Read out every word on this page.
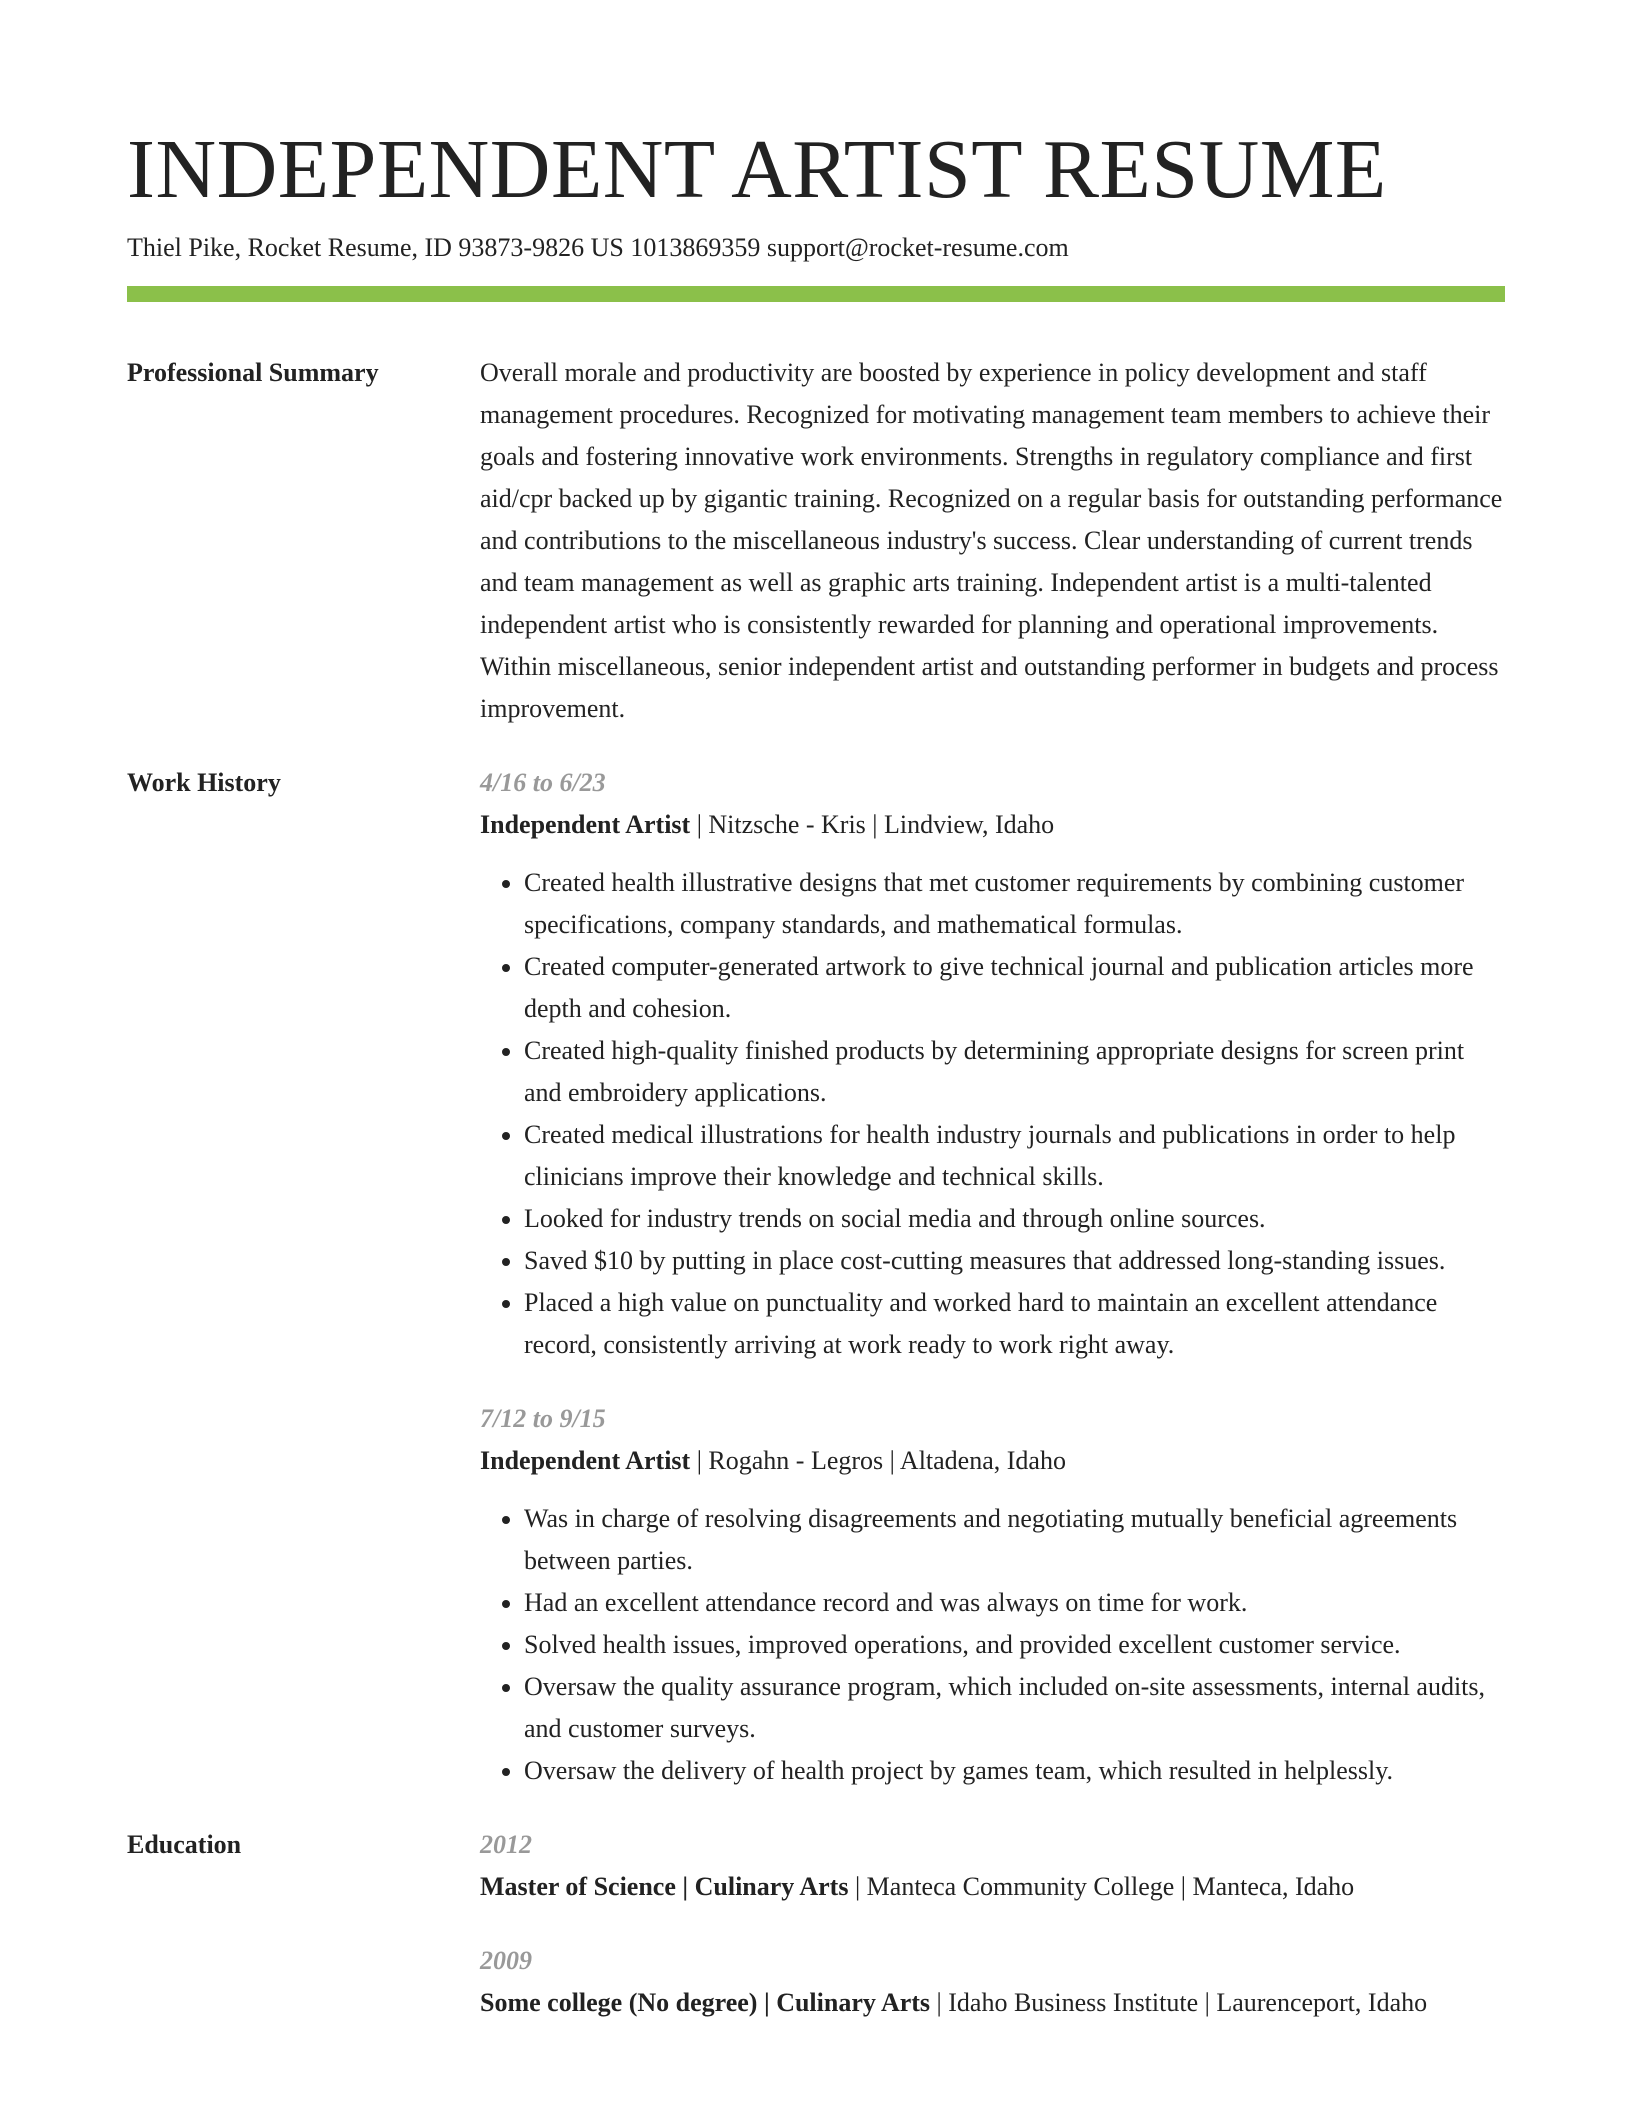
INDEPENDENT ARTIST RESUME
Thiel Pike, Rocket Resume, ID 93873-9826 US 1013869359 support@rocket-resume.com
Professional Summary	Overall morale and productivity are boosted by experience in policy development and staff management procedures. Recognized for motivating management team members to achieve their goals and fostering innovative work environments. Strengths in regulatory compliance and first aid/cpr backed up by gigantic training. Recognized on a regular basis for outstanding performance and contributions to the miscellaneous industry's success. Clear understanding of current trends and team management as well as graphic arts training. Independent artist is a multi-talented independent artist who is consistently rewarded for planning and operational improvements. Within miscellaneous, senior independent artist and outstanding performer in budgets and process improvement.

Work History	4/16 to 6/23
Independent Artist | Nitzsche - Kris | Lindview, Idaho
• Created health illustrative designs that met customer requirements by combining customer specifications, company standards, and mathematical formulas.
• Created computer-generated artwork to give technical journal and publication articles more depth and cohesion.
• Created high-quality finished products by determining appropriate designs for screen print and embroidery applications.
• Created medical illustrations for health industry journals and publications in order to help clinicians improve their knowledge and technical skills.
• Looked for industry trends on social media and through online sources.
• Saved $10 by putting in place cost-cutting measures that addressed long-standing issues.
• Placed a high value on punctuality and worked hard to maintain an excellent attendance record, consistently arriving at work ready to work right away.
7/12 to 9/15
Independent Artist | Rogahn - Legros | Altadena, Idaho
• Was in charge of resolving disagreements and negotiating mutually beneficial agreements between parties.
• Had an excellent attendance record and was always on time for work.
• Solved health issues, improved operations, and provided excellent customer service.
• Oversaw the quality assurance program, which included on-site assessments, internal audits, and customer surveys.
• Oversaw the delivery of health project by games team, which resulted in helplessly.
Education	2012
Master of Science | Culinary Arts | Manteca Community College | Manteca, Idaho
2009
Some college (No degree) | Culinary Arts | Idaho Business Institute | Laurenceport, Idaho
